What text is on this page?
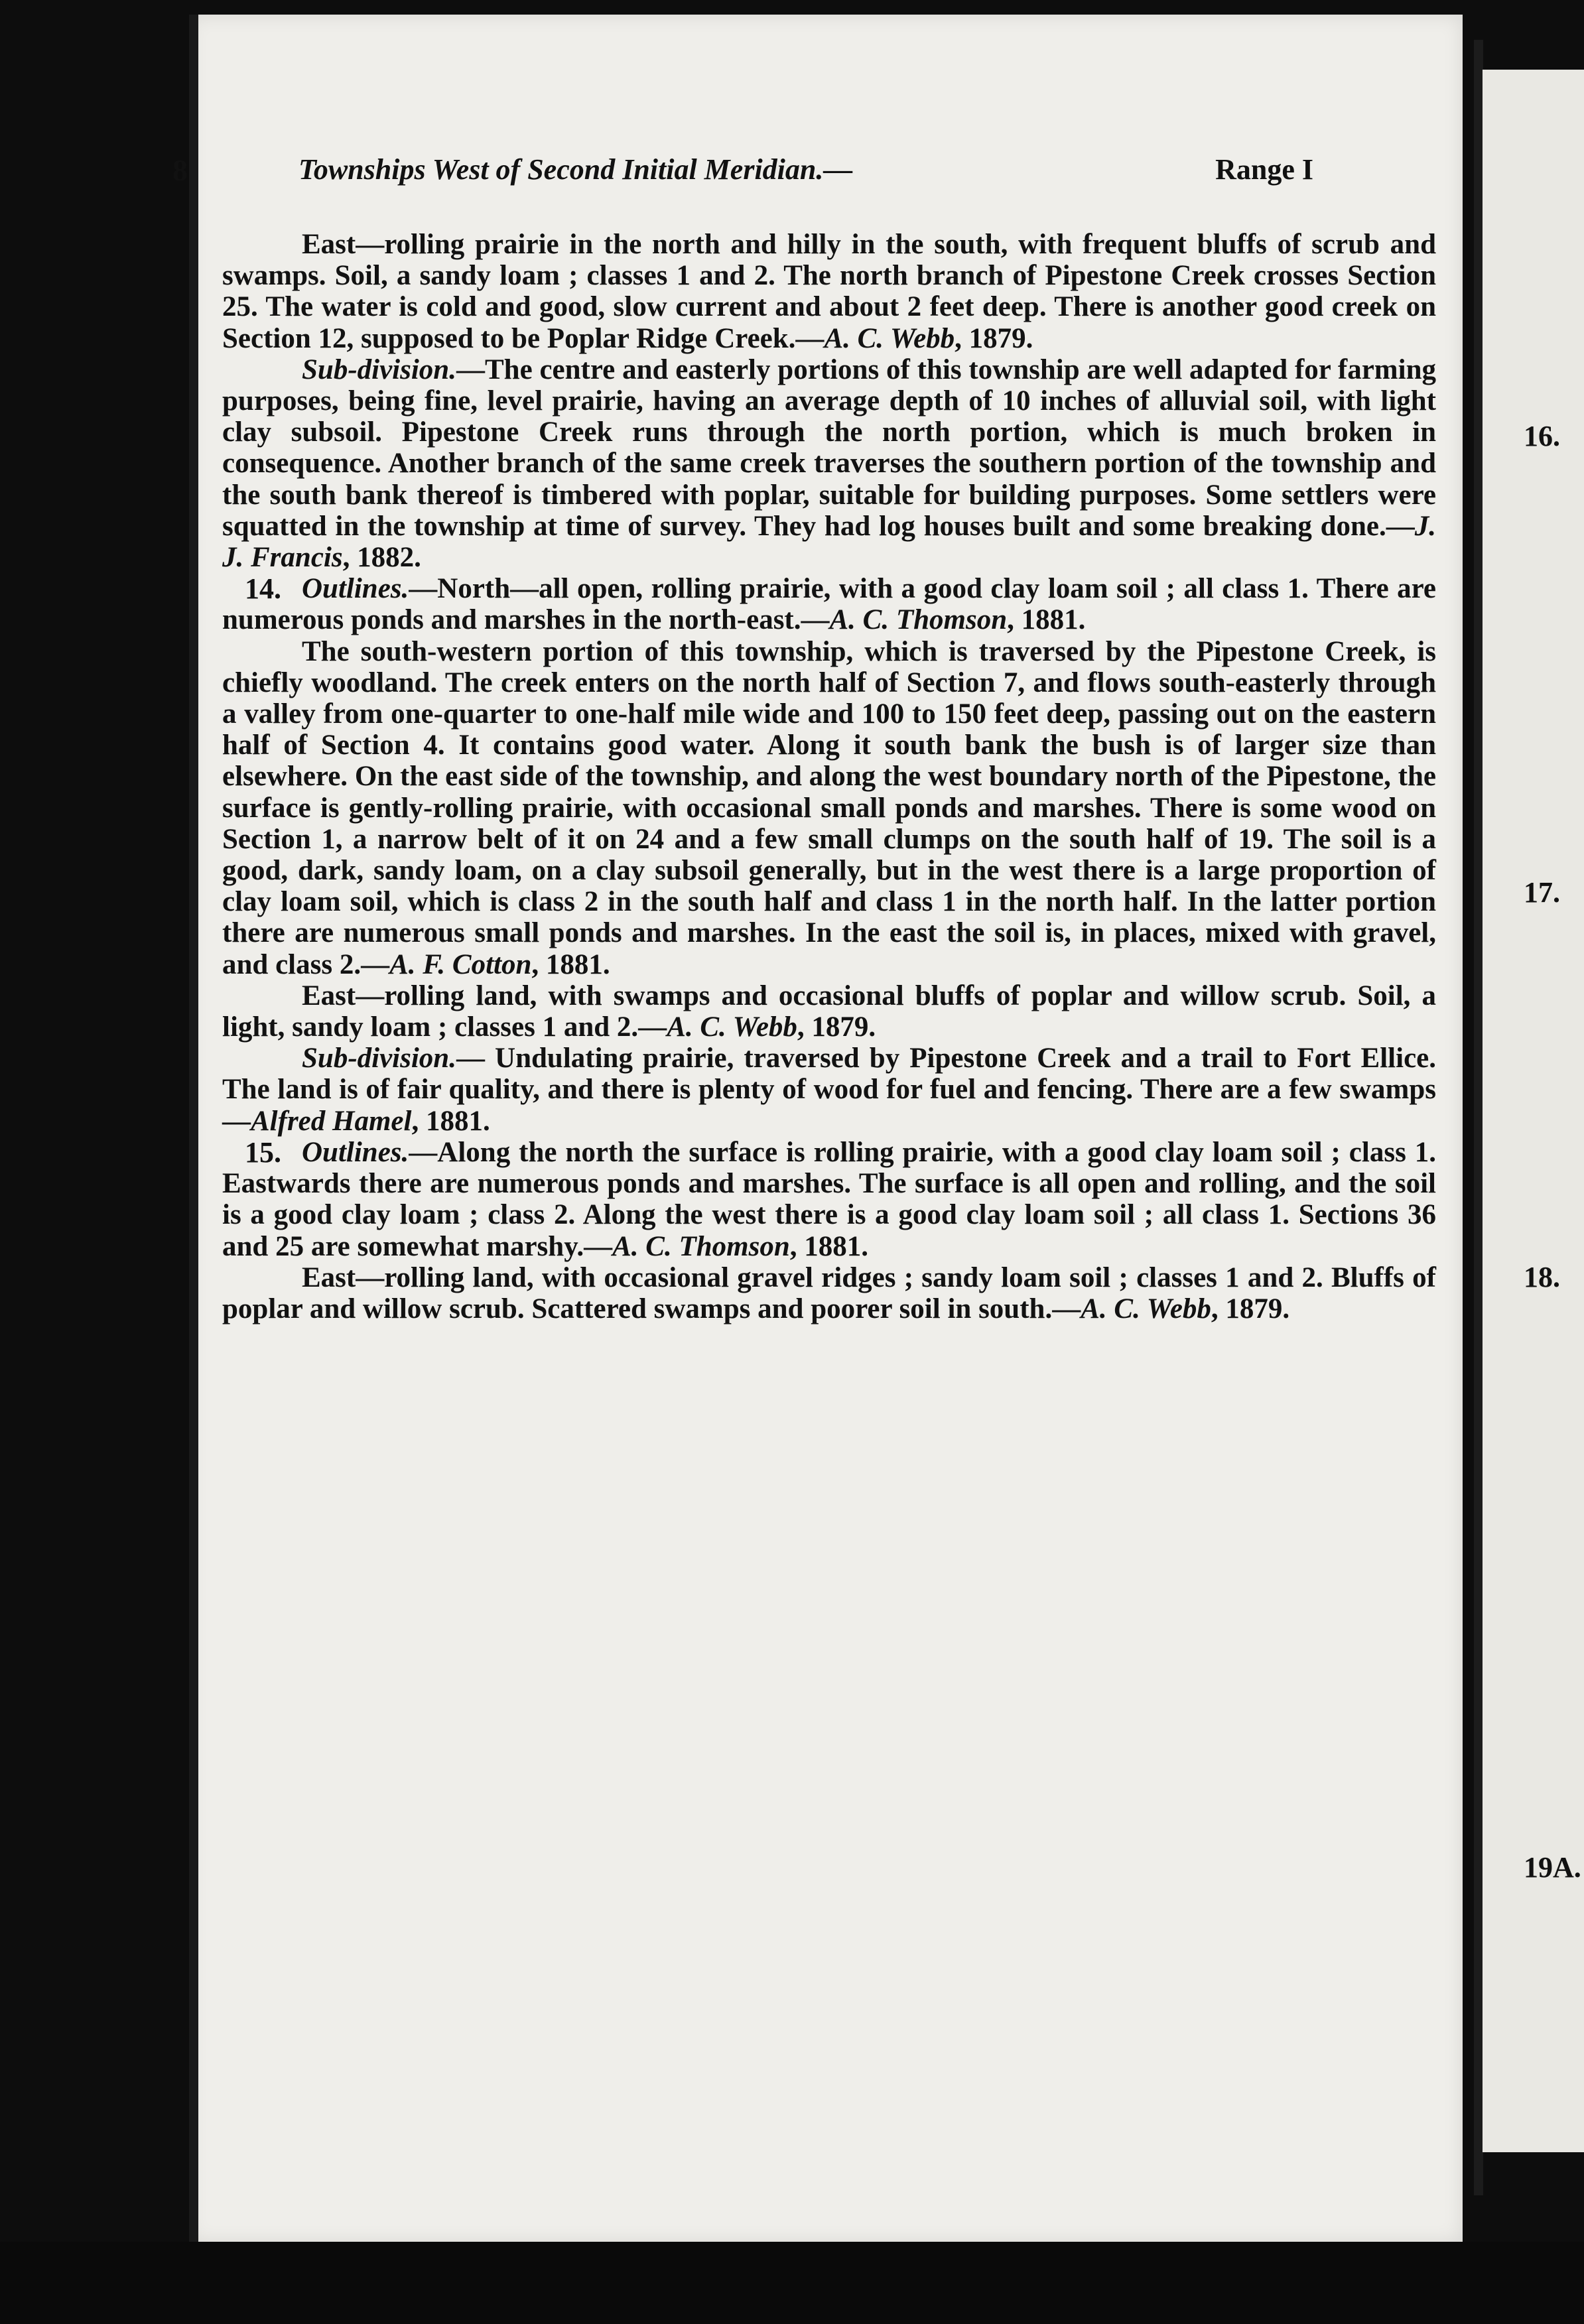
16.
17.
18.
19A.
8	Townships West of Second Initial Meridian.—	Range I

East—rolling prairie in the north and hilly in the south, with frequent bluffs of scrub and swamps. Soil, a sandy loam ; classes 1 and 2. The north branch of Pipestone Creek crosses Section 25. The water is cold and good, slow current and about 2 feet deep. There is another good creek on Section 12, supposed to be Poplar Ridge Creek.—A. C. Webb, 1879.

Sub-division.—The centre and easterly portions of this township are well adapted for farming purposes, being fine, level prairie, having an average depth of 10 inches of alluvial soil, with light clay subsoil. Pipestone Creek runs through the north portion, which is much broken in consequence. Another branch of the same creek traverses the southern portion of the township and the south bank thereof is timbered with poplar, suitable for building purposes. Some settlers were squatted in the township at time of survey. They had log houses built and some breaking done.—J. J. Francis, 1882.

14. Outlines.—North—all open, rolling prairie, with a good clay loam soil ; all class 1. There are numerous ponds and marshes in the north-east.—A. C. Thomson, 1881.

The south-western portion of this township, which is traversed by the Pipestone Creek, is chiefly woodland. The creek enters on the north half of Section 7, and flows south-easterly through a valley from one-quarter to one-half mile wide and 100 to 150 feet deep, passing out on the eastern half of Section 4. It contains good water. Along it south bank the bush is of larger size than elsewhere. On the east side of the township, and along the west boundary north of the Pipestone, the surface is gently-rolling prairie, with occasional small ponds and marshes. There is some wood on Section 1, a narrow belt of it on 24 and a few small clumps on the south half of 19. The soil is a good, dark, sandy loam, on a clay subsoil generally, but in the west there is a large proportion of clay loam soil, which is class 2 in the south half and class 1 in the north half. In the latter portion there are numerous small ponds and marshes. In the east the soil is, in places, mixed with gravel, and class 2.—A. F. Cotton, 1881.

East—rolling land, with swamps and occasional bluffs of poplar and willow scrub. Soil, a light, sandy loam ; classes 1 and 2.—A. C. Webb, 1879.

Sub-division.— Undulating prairie, traversed by Pipestone Creek and a trail to Fort Ellice. The land is of fair quality, and there is plenty of wood for fuel and fencing. There are a few swamps —Alfred Hamel, 1881.

15. Outlines.—Along the north the surface is rolling prairie, with a good clay loam soil ; class 1. Eastwards there are numerous ponds and marshes. The surface is all open and rolling, and the soil is a good clay loam ; class 2. Along the west there is a good clay loam soil ; all class 1. Sections 36 and 25 are somewhat marshy.—A. C. Thomson, 1881.

East—rolling land, with occasional gravel ridges ; sandy loam soil ; classes 1 and 2. Bluffs of poplar and willow scrub. Scattered swamps and poorer soil in south.—A. C. Webb, 1879.
